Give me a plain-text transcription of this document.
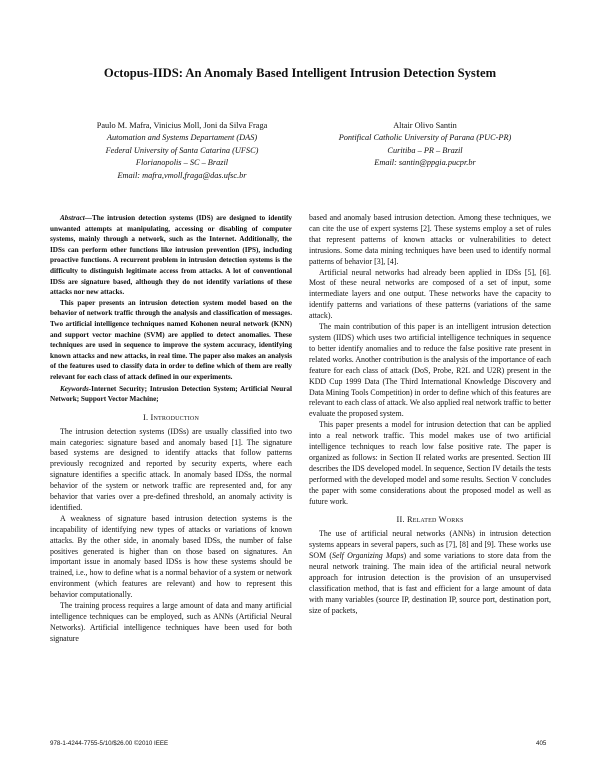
Octopus-IIDS: An Anomaly Based Intelligent Intrusion Detection System
Paulo M. Mafra, Vinicius Moll, Joni da Silva Fraga
Automation and Systems Departament (DAS)
Federal University of Santa Catarina (UFSC)
Florianopolis – SC – Brazil
Email: mafra,vmoll,fraga@das.ufsc.br
Altair Olivo Santin
Pontifical Catholic University of Parana (PUC-PR)
Curitiba – PR – Brazil
Email: santin@ppgia.pucpr.br

Abstract—The intrusion detection systems (IDS) are designed to identify unwanted attempts at manipulating, accessing or disabling of computer systems, mainly through a network, such as the Internet. Additionally, the IDSs can perform other functions like intrusion prevention (IPS), including proactive functions. A recurrent problem in intrusion detection systems is the difficulty to distinguish legitimate access from attacks. A lot of conventional IDSs are signature based, although they do not identify variations of these attacks nor new attacks.

This paper presents an intrusion detection system model based on the behavior of network traffic through the analysis and classification of messages. Two artificial intelligence techniques named Kohonen neural network (KNN) and support vector machine (SVM) are applied to detect anomalies. These techniques are used in sequence to improve the system accuracy, identifying known attacks and new attacks, in real time. The paper also makes an analysis of the features used to classify data in order to define which of them are really relevant for each class of attack defined in our experiments.

Keywords-Internet Security; Intrusion Detection System; Artificial Neural Network; Support Vector Machine;

I. Introduction

The intrusion detection systems (IDSs) are usually classified into two main categories: signature based and anomaly based [1]. The signature based systems are designed to identify attacks that follow patterns previously recognized and reported by security experts, where each signature identifies a specific attack. In anomaly based IDSs, the normal behavior of the system or network traffic are represented and, for any behavior that varies over a pre-defined threshold, an anomaly activity is identified.

A weakness of signature based intrusion detection systems is the incapability of identifying new types of attacks or variations of known attacks. By the other side, in anomaly based IDSs, the number of false positives generated is higher than on those based on signatures. An important issue in anomaly based IDSs is how these systems should be trained, i.e., how to define what is a normal behavior of a system or network environment (which features are relevant) and how to represent this behavior computationally.

The training process requires a large amount of data and many artificial intelligence techniques can be employed, such as ANNs (Artificial Neural Networks). Artificial intelligence techniques have been used for both signature

based and anomaly based intrusion detection. Among these techniques, we can cite the use of expert systems [2]. These systems employ a set of rules that represent patterns of known attacks or vulnerabilities to detect intrusions. Some data mining techniques have been used to identify normal patterns of behavior [3], [4].

Artificial neural networks had already been applied in IDSs [5], [6]. Most of these neural networks are composed of a set of input, some intermediate layers and one output. These networks have the capacity to identify patterns and variations of these patterns (variations of the same attack).

The main contribution of this paper is an intelligent intrusion detection system (IIDS) which uses two artificial intelligence techniques in sequence to better identify anomalies and to reduce the false positive rate present in related works. Another contribution is the analysis of the importance of each feature for each class of attack (DoS, Probe, R2L and U2R) present in the KDD Cup 1999 Data (The Third International Knowledge Discovery and Data Mining Tools Competition) in order to define which of this features are relevant to each class of attack. We also applied real network traffic to better evaluate the proposed system.

This paper presents a model for intrusion detection that can be applied into a real network traffic. This model makes use of two artificial intelligence techniques to reach low false positive rate. The paper is organized as follows: in Section II related works are presented. Section III describes the IDS developed model. In sequence, Section IV details the tests performed with the developed model and some results. Section V concludes the paper with some considerations about the proposed model as well as future work.

II. Related Works

The use of artificial neural networks (ANNs) in intrusion detection systems appears in several papers, such as [7], [8] and [9]. These works use SOM (Self Organizing Maps) and some variations to store data from the neural network training. The main idea of the artificial neural network approach for intrusion detection is the provision of an unsupervised classification method, that is fast and efficient for a large amount of data with many variables (source IP, destination IP, source port, destination port, size of packets,

978-1-4244-7755-5/10/$26.00 ©2010 IEEE	405
